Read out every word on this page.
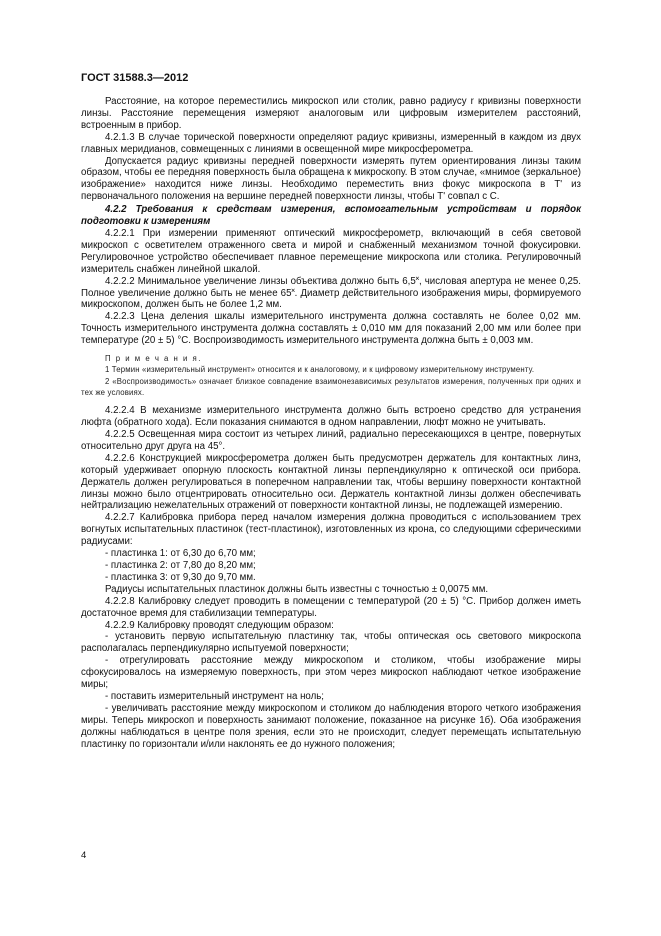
ГОСТ 31588.3—2012

Расстояние, на которое переместились микроскоп или столик, равно радиусу r кривизны поверхности линзы. Расстояние перемещения измеряют аналоговым или цифровым измерителем расстояний, встроенным в прибор.

4.2.1.3 В случае торической поверхности определяют радиус кривизны, измеренный в каждом из двух главных меридианов, совмещенных с линиями в освещенной мире микросферометра.

Допускается радиус кривизны передней поверхности измерять путем ориентирования линзы таким образом, чтобы ее передняя поверхность была обращена к микроскопу. В этом случае, «мнимое (зеркальное) изображение» находится ниже линзы. Необходимо переместить вниз фокус микроскопа в T' из первоначального положения на вершине передней поверхности линзы, чтобы T' совпал с C.

4.2.2 Требования к средствам измерения, вспомогательным устройствам и порядок подготовки к измерениям

4.2.2.1 При измерении применяют оптический микросферометр, включающий в себя световой микроскоп с осветителем отраженного света и мирой и снабженный механизмом точной фокусировки. Регулировочное устройство обеспечивает плавное перемещение микроскопа или столика. Регулировочный измеритель снабжен линейной шкалой.

4.2.2.2 Минимальное увеличение линзы объектива должно быть 6,5˟, числовая апертура не менее 0,25. Полное увеличение должно быть не менее 65˟. Диаметр действительного изображения миры, формируемого микроскопом, должен быть не более 1,2 мм.

4.2.2.3 Цена деления шкалы измерительного инструмента должна составлять не более 0,02 мм. Точность измерительного инструмента должна составлять ± 0,010 мм для показаний 2,00 мм или более при температуре (20 ± 5) °С. Воспроизводимость измерительного инструмента должна быть ± 0,003 мм.

П р и м е ч а н и я.

1 Термин «измерительный инструмент» относится и к аналоговому, и к цифровому измерительному инструменту.

2 «Воспроизводимость» означает близкое совпадение взаимонезависимых результатов измерения, полученных при одних и тех же условиях.

4.2.2.4 В механизме измерительного инструмента должно быть встроено средство для устранения люфта (обратного хода). Если показания снимаются в одном направлении, люфт можно не учитывать.

4.2.2.5 Освещенная мира состоит из четырех линий, радиально пересекающихся в центре, повернутых относительно друг друга на 45°.

4.2.2.6 Конструкцией микросферометра должен быть предусмотрен держатель для контактных линз, который удерживает опорную плоскость контактной линзы перпендикулярно к оптической оси прибора. Держатель должен регулироваться в поперечном направлении так, чтобы вершину поверхности контактной линзы можно было отцентрировать относительно оси. Держатель контактной линзы должен обеспечивать нейтрализацию нежелательных отражений от поверхности контактной линзы, не подлежащей измерению.

4.2.2.7 Калибровка прибора перед началом измерения должна проводиться с использованием трех вогнутых испытательных пластинок (тест-пластинок), изготовленных из крона, со следующими сферическими радиусами:

- пластинка 1: от 6,30 до 6,70 мм;

- пластинка 2: от 7,80 до 8,20 мм;

- пластинка 3: от 9,30 до 9,70 мм.

Радиусы испытательных пластинок должны быть известны с точностью ± 0,0075 мм.

4.2.2.8 Калибровку следует проводить в помещении с температурой (20 ± 5) °С. Прибор должен иметь достаточное время для стабилизации температуры.

4.2.2.9 Калибровку проводят следующим образом:

- установить первую испытательную пластинку так, чтобы оптическая ось светового микроскопа располагалась перпендикулярно испытуемой поверхности;

- отрегулировать расстояние между микроскопом и столиком, чтобы изображение миры сфокусировалось на измеряемую поверхность, при этом через микроскоп наблюдают четкое изображение миры;

- поставить измерительный инструмент на ноль;

- увеличивать расстояние между микроскопом и столиком до наблюдения второго четкого изображения миры. Теперь микроскоп и поверхность занимают положение, показанное на рисунке 1б). Оба изображения должны наблюдаться в центре поля зрения, если это не происходит, следует перемещать испытательную пластинку по горизонтали и/или наклонять ее до нужного положения;

4
